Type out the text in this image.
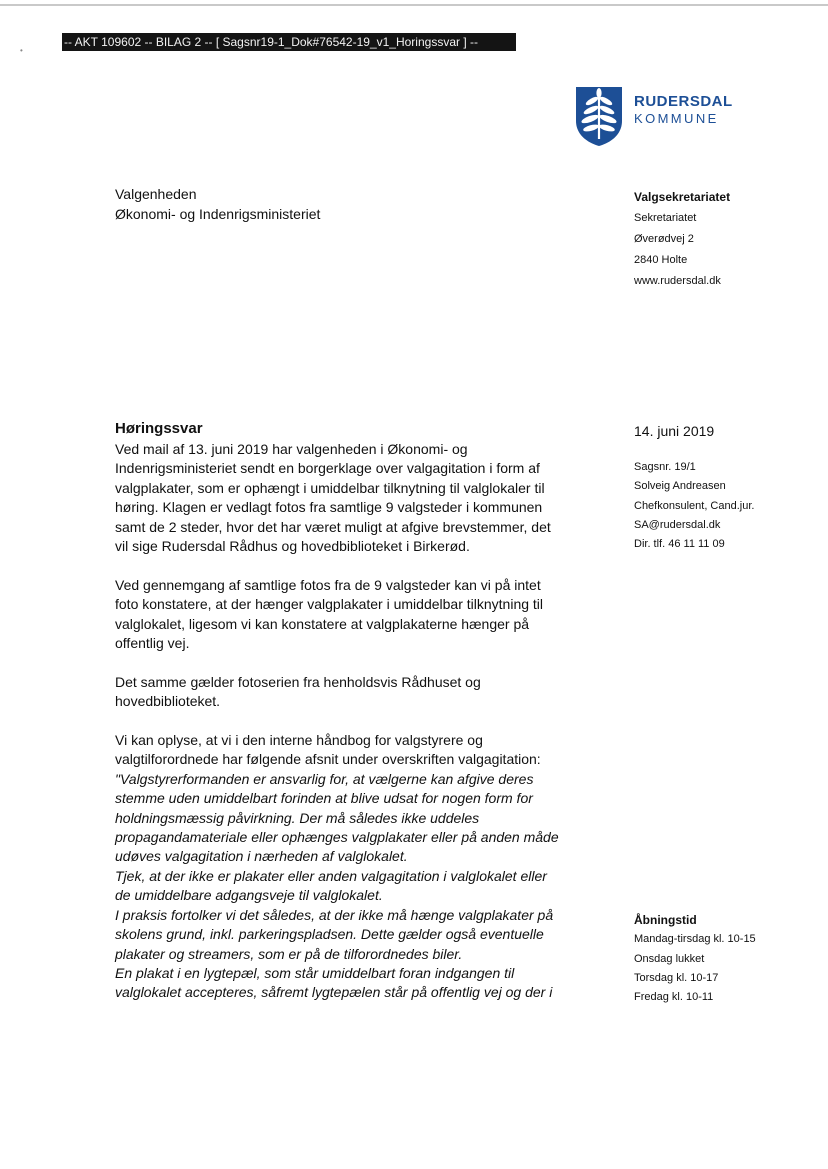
-- AKT 109602 -- BILAG 2 -- [ Sagsnr19-1_Dok#76542-19_v1_Horingssvar ] --
•
RUDERSDAL
KOMMUNE
Valgenheden
Økonomi- og Indenrigsministeriet
Valgsekretariatet
Sekretariatet
Øverødvej 2
2840 Holte
www.rudersdal.dk
Høringssvar	14. juni 2019
Sagsnr. 19/1
Solveig Andreasen
Chefkonsulent, Cand.jur.
SA@rudersdal.dk
Dir. tlf. 46 11 11 09
Ved mail af 13. juni 2019 har valgenheden i Økonomi- og
Indenrigsministeriet sendt en borgerklage over valgagitation i form af
valgplakater, som er ophængt i umiddelbar tilknytning til valglokaler til
høring. Klagen er vedlagt fotos fra samtlige 9 valgsteder i kommunen
samt de 2 steder, hvor det har været muligt at afgive brevstemmer, det
vil sige Rudersdal Rådhus og hovedbiblioteket i Birkerød.
Ved gennemgang af samtlige fotos fra de 9 valgsteder kan vi på intet
foto konstatere, at der hænger valgplakater i umiddelbar tilknytning til
valglokalet, ligesom vi kan konstatere at valgplakaterne hænger på
offentlig vej.
Det samme gælder fotoserien fra henholdsvis Rådhuset og
hovedbiblioteket.
Vi kan oplyse, at vi i den interne håndbog for valgstyrere og
valgtilforordnede har følgende afsnit under overskriften valgagitation:
"Valgstyrerformanden er ansvarlig for, at vælgerne kan afgive deres
stemme uden umiddelbart forinden at blive udsat for nogen form for
holdningsmæssig påvirkning. Der må således ikke uddeles
propagandamateriale eller ophænges valgplakater eller på anden måde
udøves valgagitation i nærheden af valglokalet.
Tjek, at der ikke er plakater eller anden valgagitation i valglokalet eller
de umiddelbare adgangsveje til valglokalet.
I praksis fortolker vi det således, at der ikke må hænge valgplakater på
skolens grund, inkl. parkeringspladsen. Dette gælder også eventuelle
plakater og streamers, som er på de tilforordnedes biler.
En plakat i en lygtepæl, som står umiddelbart foran indgangen til
valglokalet accepteres, såfremt lygtepælen står på offentlig vej og der i
Åbningstid
Mandag-tirsdag kl. 10-15
Onsdag lukket
Torsdag kl. 10-17
Fredag kl. 10-11
